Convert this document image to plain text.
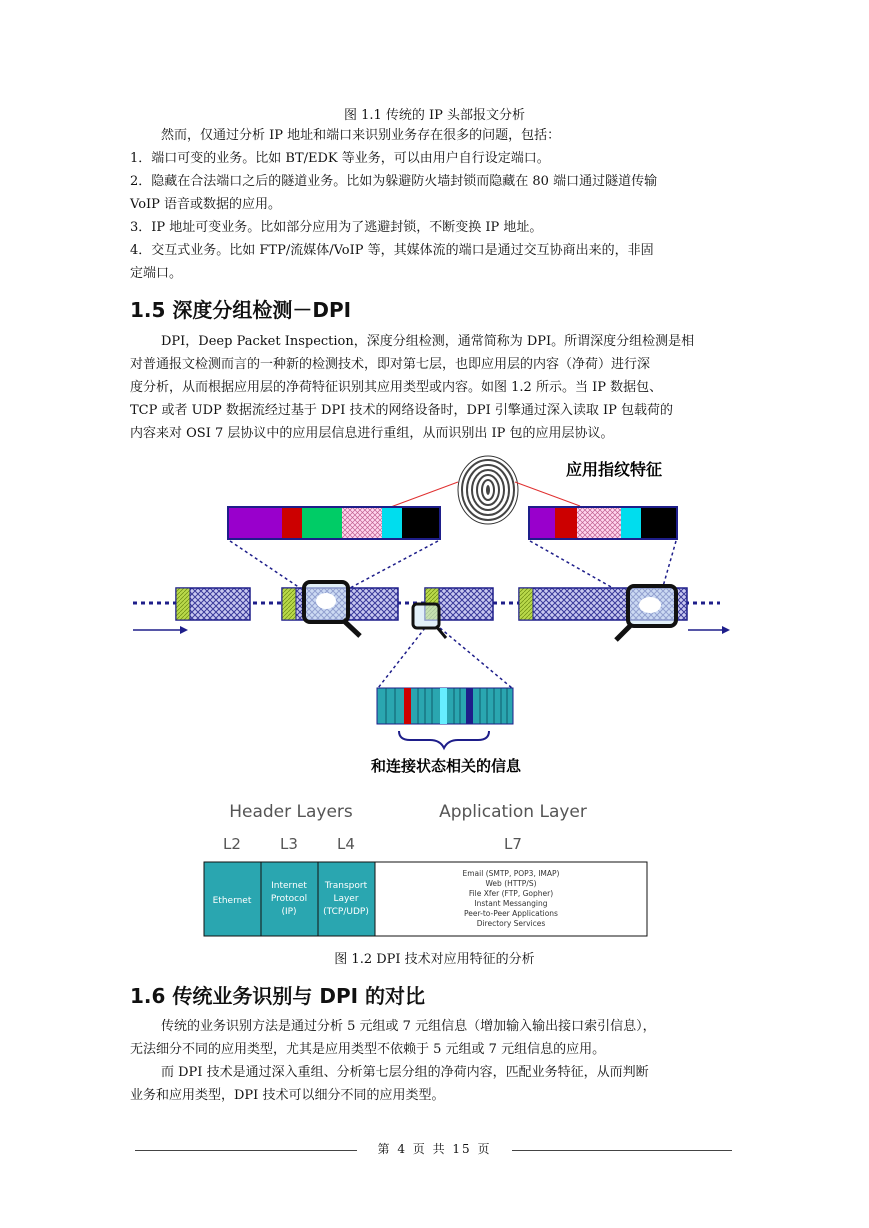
图 1.1 传统的 IP 头部报文分析
然而，仅通过分析 IP 地址和端口来识别业务存在很多的问题，包括：
1．端口可变的业务。比如 BT/EDK 等业务，可以由用户自行设定端口。
2．隐藏在合法端口之后的隧道业务。比如为躲避防火墙封锁而隐藏在 80 端口通过隧道传输
VoIP 语音或数据的应用。
3．IP 地址可变业务。比如部分应用为了逃避封锁，不断变换 IP 地址。
4．交互式业务。比如 FTP/流媒体/VoIP 等，其媒体流的端口是通过交互协商出来的，非固
定端口。
1.5 深度分组检测－DPI
DPI，Deep Packet Inspection，深度分组检测，通常简称为 DPI。所谓深度分组检测是相
对普通报文检测而言的一种新的检测技术，即对第七层，也即应用层的内容（净荷）进行深
度分析，从而根据应用层的净荷特征识别其应用类型或内容。如图 1.2 所示。当 IP 数据包、
TCP 或者 UDP 数据流经过基于 DPI 技术的网络设备时，DPI 引擎通过深入读取 IP 包载荷的
内容来对 OSI 7 层协议中的应用层信息进行重组，从而识别出 IP 包的应用层协议。
应用指纹特征
和连接状态相关的信息
Header Layers	Application Layer
L2	L3	L4	L7
Ethernet
Internet
Protocol
(IP)
Transport
Layer
(TCP/UDP)
Email (SMTP, POP3, IMAP)
Web (HTTP/S)
File Xfer (FTP, Gopher)
Instant Messanging
Peer-to-Peer Applications
Directory Services
图 1.2 DPI 技术对应用特征的分析
1.6 传统业务识别与 DPI 的对比
传统的业务识别方法是通过分析 5 元组或 7 元组信息（增加输入输出接口索引信息），
无法细分不同的应用类型，尤其是应用类型不依赖于 5 元组或 7 元组信息的应用。
而 DPI 技术是通过深入重组、分析第七层分组的净荷内容，匹配业务特征，从而判断
业务和应用类型，DPI 技术可以细分不同的应用类型。
第 4 页 共 15 页
